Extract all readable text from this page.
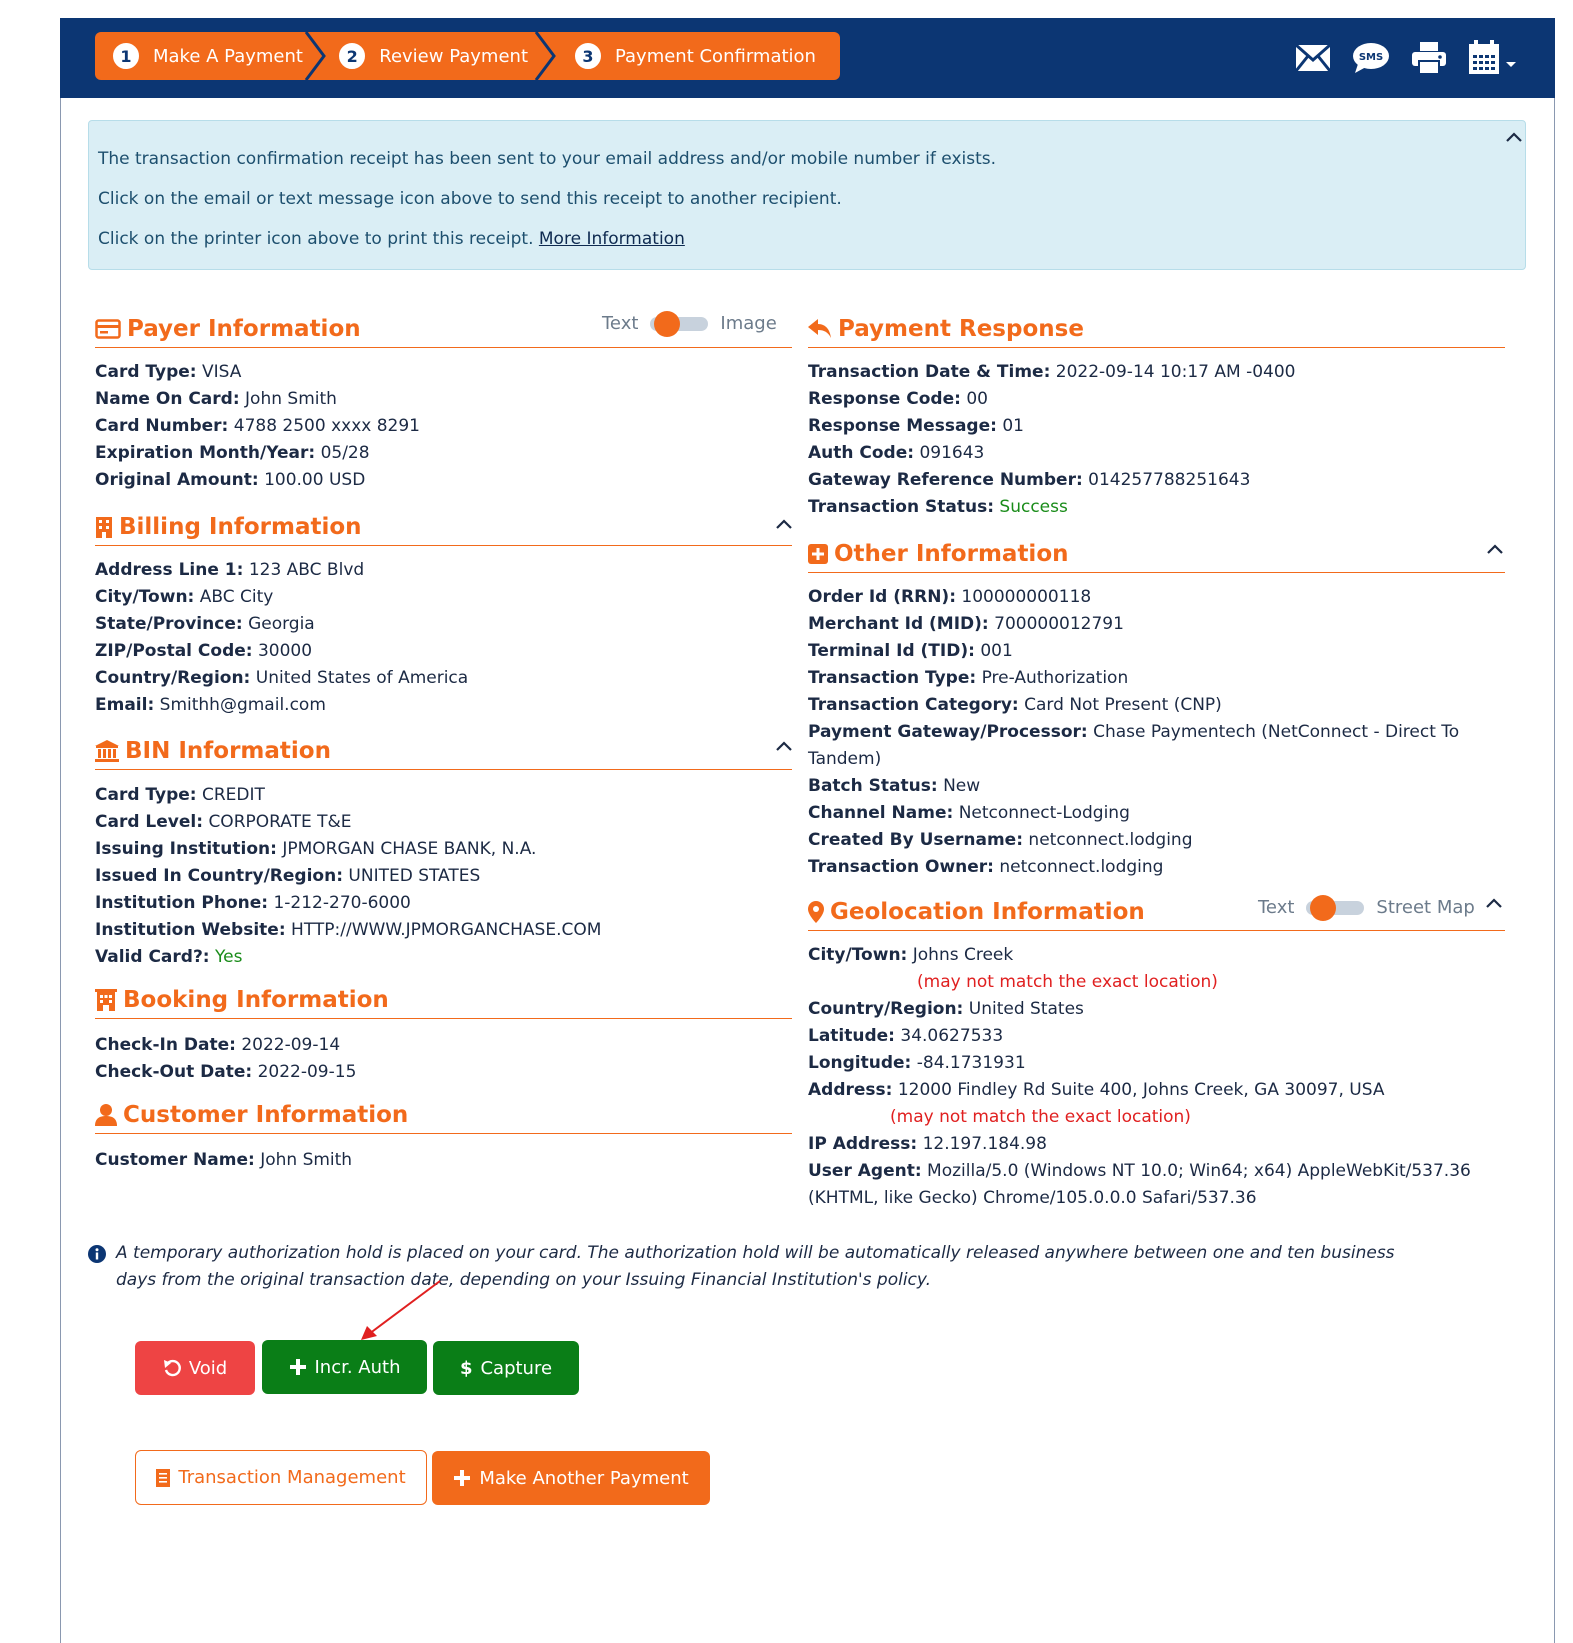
1	Make A Payment	2	Review Payment	3	Payment Confirmation	SMS

The transaction confirmation receipt has been sent to your email address and/or mobile number if exists.

Click on the email or text message icon above to send this receipt to another recipient.

Click on the printer icon above to print this receipt. More Information

Payer Information	Text	Image
Card Type: VISA
Name On Card: John Smith
Card Number: 4788 2500 xxxx 8291
Expiration Month/Year: 05/28
Original Amount: 100.00 USD
Billing Information
Address Line 1: 123 ABC Blvd
City/Town: ABC City
State/Province: Georgia
ZIP/Postal Code: 30000
Country/Region: United States of America
Email: Smithh@gmail.com
BIN Information
Card Type: CREDIT
Card Level: CORPORATE T&E
Issuing Institution: JPMORGAN CHASE BANK, N.A.
Issued In Country/Region: UNITED STATES
Institution Phone: 1-212-270-6000
Institution Website: HTTP://WWW.JPMORGANCHASE.COM
Valid Card?: Yes
Booking Information
Check-In Date: 2022-09-14
Check-Out Date: 2022-09-15
Customer Information
Customer Name: John Smith
Payment Response
Transaction Date & Time: 2022-09-14 10:17 AM -0400
Response Code: 00
Response Message: 01
Auth Code: 091643
Gateway Reference Number: 014257788251643
Transaction Status: Success
Other Information
Order Id (RRN): 100000000118
Merchant Id (MID): 700000012791
Terminal Id (TID): 001
Transaction Type: Pre-Authorization
Transaction Category: Card Not Present (CNP)
Payment Gateway/Processor: Chase Paymentech (NetConnect - Direct To
Tandem)
Batch Status: New
Channel Name: Netconnect-Lodging
Created By Username: netconnect.lodging
Transaction Owner: netconnect.lodging
Geolocation Information	Text	Street Map
City/Town: Johns Creek
(may not match the exact location)
Country/Region: United States
Latitude: 34.0627533
Longitude: -84.1731931
Address: 12000 Findley Rd Suite 400, Johns Creek, GA 30097, USA
(may not match the exact location)
IP Address: 12.197.184.98
User Agent: Mozilla/5.0 (Windows NT 10.0; Win64; x64) AppleWebKit/537.36
(KHTML, like Gecko) Chrome/105.0.0.0 Safari/537.36
A temporary authorization hold is placed on your card. The authorization hold will be automatically released anywhere between one and ten business
days from the original transaction date, depending on your Issuing Financial Institution's policy.
Void	Incr. Auth	$ Capture
Transaction Management	Make Another Payment
